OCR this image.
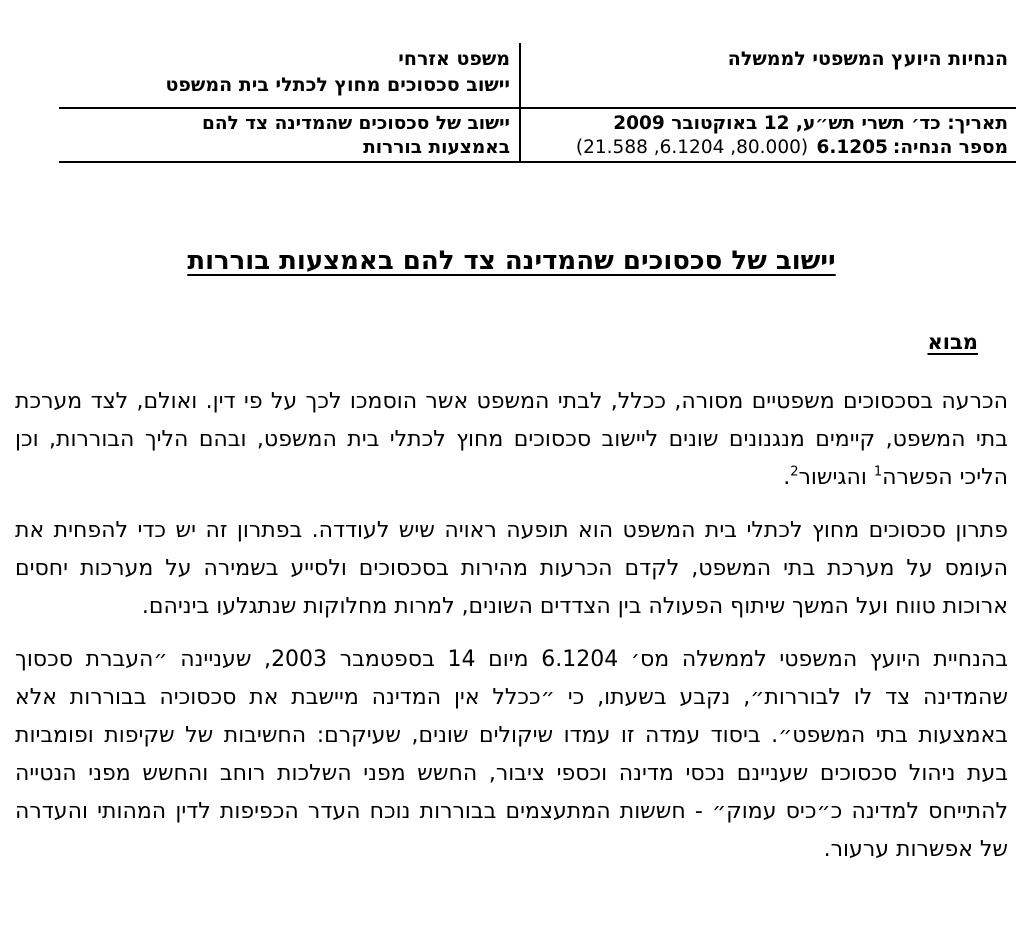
הנחיות היועץ המשפטי לממשלה
משפט אזרחי
יישוב סכסוכים מחוץ לכתלי בית המשפט
תאריך: כד׳ תשרי תש״ע, 12 באוקטובר 2009
מספר הנחיה:6.1205 (80.000, 6.1204, 21.588)
יישוב של סכסוכים שהמדינה צד להם
באמצעות בוררות
יישוב של סכסוכים שהמדינה צד להם באמצעות בוררות
מבוא

הכרעה בסכסוכים משפטיים מסורה, ככלל, לבתי המשפט אשר הוסמכו לכך על פי דין. ואולם, לצד מערכת בתי המשפט, קיימים מנגנונים שונים ליישוב סכסוכים מחוץ לכתלי בית המשפט, ובהם הליך הבוררות, וכן הליכי הפשרה$^1$ והגישור$^2$.

פתרון סכסוכים מחוץ לכתלי בית המשפט הוא תופעה ראויה שיש לעודדה. בפתרון זה יש כדי להפחית את העומס על מערכת בתי המשפט, לקדם הכרעות מהירות בסכסוכים ולסייע בשמירה על מערכות יחסים ארוכות טווח ועל המשך שיתוף הפעולה בין הצדדים השונים, למרות מחלוקות שנתגלעו ביניהם.

בהנחיית היועץ המשפטי לממשלה מס׳ 6.1204 מיום 14 בספטמבר 2003, שעניינה ״העברת סכסוך שהמדינה צד לו לבוררות״, נקבע בשעתו, כי ״ככלל אין המדינה מיישבת את סכסוכיה בבוררות אלא באמצעות בתי המשפט״. ביסוד עמדה זו עמדו שיקולים שונים, שעיקרם: החשיבות של שקיפות ופומביות בעת ניהול סכסוכים שעניינם נכסי מדינה וכספי ציבור, החשש מפני השלכות רוחב והחשש מפני הנטייה להתייחס למדינה כ״כיס עמוק״ - חששות המתעצמים בבוררות נוכח העדר הכפיפות לדין המהותי והעדרה של אפשרות ערעור.
